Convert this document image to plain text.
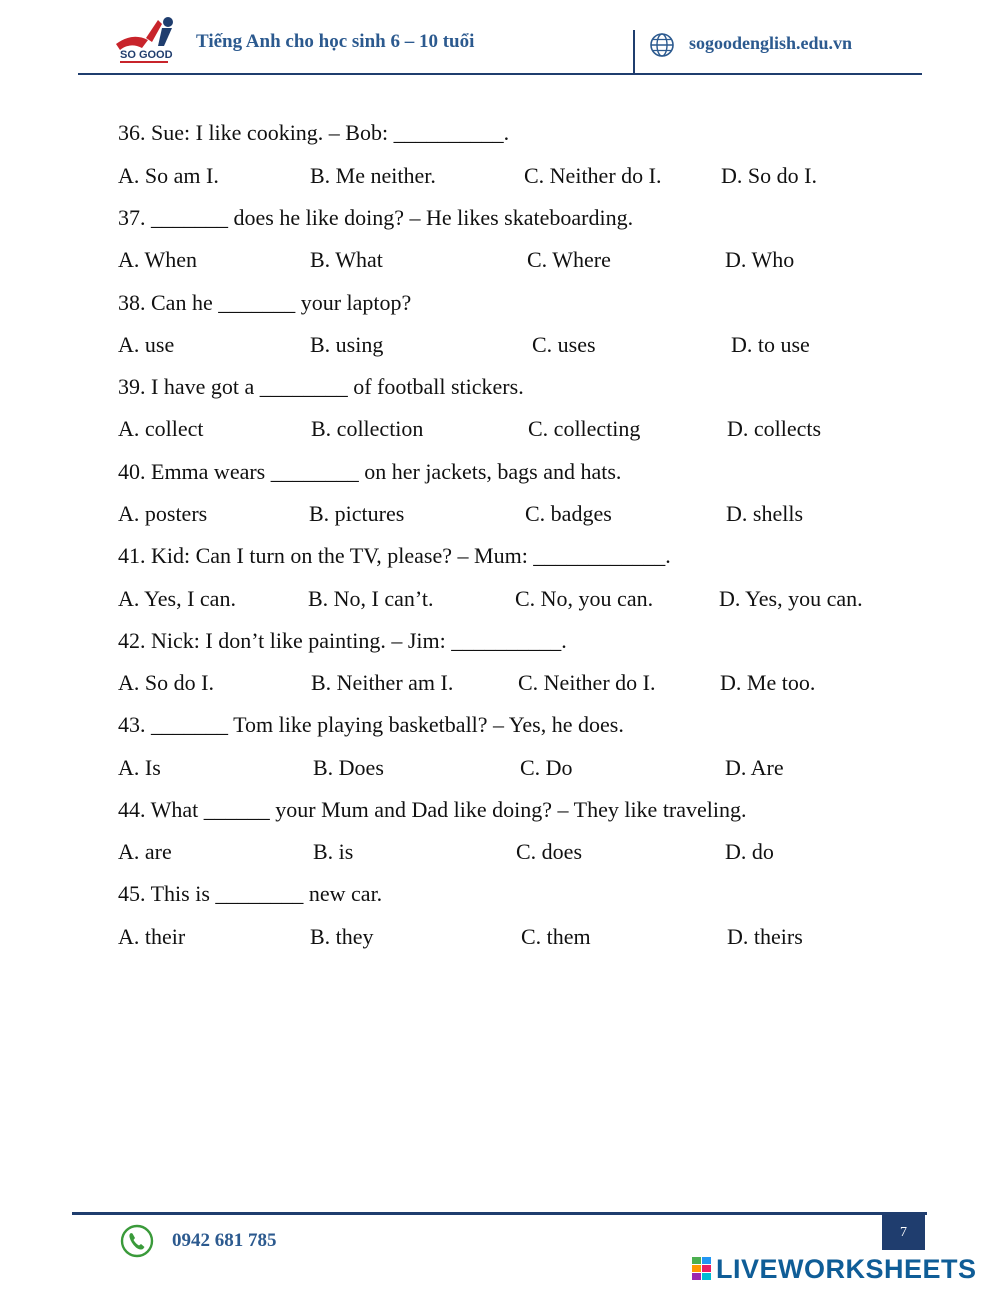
SO GOOD
Tiếng Anh cho học sinh 6 – 10 tuổi	sogoodenglish.edu.vn
36. Sue: I like cooking. – Bob: __________.
A. So am I.	B. Me neither.	C. Neither do I.	D. So do I.
37. _______ does he like doing? – He likes skateboarding.
A. When	B. What	C. Where	D. Who
38. Can he _______ your laptop?
A. use	B. using	C. uses	D. to use
39. I have got a ________ of football stickers.
A. collect	B. collection	C. collecting	D. collects
40. Emma wears ________ on her jackets, bags and hats.
A. posters	B. pictures	C. badges	D. shells
41. Kid: Can I turn on the TV, please? – Mum: ____________.
A. Yes, I can.	B. No, I can’t.	C. No, you can.	D. Yes, you can.
42. Nick: I don’t like painting. – Jim: __________.
A. So do I.	B. Neither am I.	C. Neither do I.	D. Me too.
43. _______ Tom like playing basketball? – Yes, he does.
A. Is	B. Does	C. Do	D. Are
44. What ______ your Mum and Dad like doing? – They like traveling.
A. are	B. is	C. does	D. do
45. This is ________ new car.
A. their	B. they	C. them	D. theirs
7
0942 681 785
LIVEWORKSHEETS
